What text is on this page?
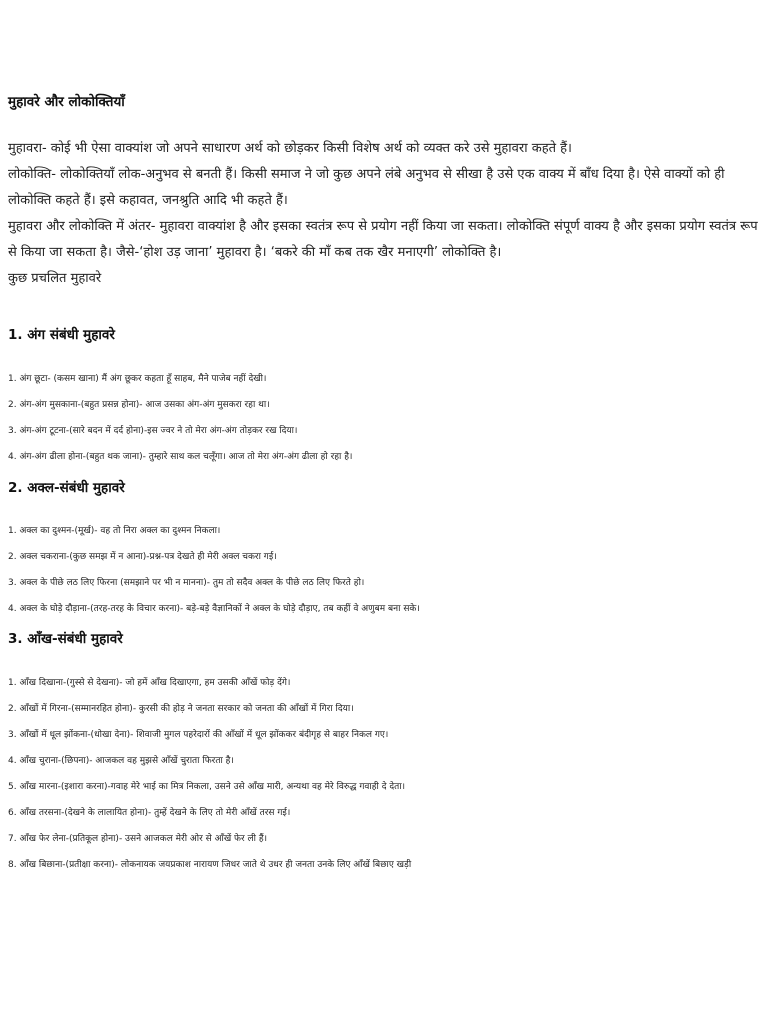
मुहावरे और लोकोक्तियाँ

मुहावरा- कोई भी ऐसा वाक्यांश जो अपने साधारण अर्थ को छोड़कर किसी विशेष अर्थ को व्यक्त करे उसे मुहावरा कहते हैं।

लोकोक्ति- लोकोक्तियाँ लोक-अनुभव से बनती हैं। किसी समाज ने जो कुछ अपने लंबे अनुभव से सीखा है उसे एक वाक्य में बाँध दिया है। ऐसे वाक्यों को ही लोकोक्ति कहते हैं। इसे कहावत, जनश्रुति आदि भी कहते हैं।

मुहावरा और लोकोक्ति में अंतर- मुहावरा वाक्यांश है और इसका स्वतंत्र रूप से प्रयोग नहीं किया जा सकता। लोकोक्ति संपूर्ण वाक्य है और इसका प्रयोग स्वतंत्र रूप से किया जा सकता है। जैसे-‘होश उड़ जाना’ मुहावरा है। ‘बकरे की माँ कब तक खैर मनाएगी’ लोकोक्ति है।

कुछ प्रचलित मुहावरे

1. अंग संबंधी मुहावरे
1. अंग छूटा- (कसम खाना) मैं अंग छूकर कहता हूँ साहब, मैने पाजेब नहीं देखी।
2. अंग-अंग मुसकाना-(बहुत प्रसन्न होना)- आज उसका अंग-अंग मुसकरा रहा था।
3. अंग-अंग टूटना-(सारे बदन में दर्द होना)-इस ज्वर ने तो मेरा अंग-अंग तोड़कर रख दिया।
4. अंग-अंग ढीला होना-(बहुत थक जाना)- तुम्हारे साथ कल चलूँगा। आज तो मेरा अंग-अंग ढीला हो रहा है।
2. अक्ल-संबंधी मुहावरे
1. अक्ल का दुश्मन-(मूर्ख)- वह तो निरा अक्ल का दुश्मन निकला।
2. अक्ल चकराना-(कुछ समझ में न आना)-प्रश्न-पत्र देखते ही मेरी अक्ल चकरा गई।
3. अक्ल के पीछे लठ लिए फिरना (समझाने पर भी न मानना)- तुम तो सदैव अक्ल के पीछे लठ लिए फिरते हो।
4. अक्ल के घोड़े दौड़ाना-(तरह-तरह के विचार करना)- बड़े-बड़े वैज्ञानिकों ने अक्ल के घोड़े दौड़ाए, तब कहीं वे अणुबम बना सके।
3. आँख-संबंधी मुहावरे
1. आँख दिखाना-(गुस्से से देखना)- जो हमें आँख दिखाएगा, हम उसकी आँखें फोड़ देंगे।
2. आँखों में गिरना-(सम्मानरहित होना)- कुरसी की होड़ ने जनता सरकार को जनता की आँखों में गिरा दिया।
3. आँखों में धूल झोंकना-(धोखा देना)- शिवाजी मुगल पहरेदारों की आँखों में धूल झोंककर बंदीगृह से बाहर निकल गए।
4. आँख चुराना-(छिपना)- आजकल वह मुझसे आँखें चुराता फिरता है।
5. आँख मारना-(इशारा करना)-गवाह मेरे भाई का मित्र निकला, उसने उसे आँख मारी, अन्यथा वह मेरे विरुद्ध गवाही दे देता।
6. आँख तरसना-(देखने के लालायित होना)- तुम्हें देखने के लिए तो मेरी आँखें तरस गई।
7. आँख फेर लेना-(प्रतिकूल होना)- उसने आजकल मेरी ओर से आँखें फेर ली हैं।
8. आँख बिछाना-(प्रतीक्षा करना)- लोकनायक जयप्रकाश नारायण जिधर जाते थे उधर ही जनता उनके लिए आँखें बिछाए खड़ी
